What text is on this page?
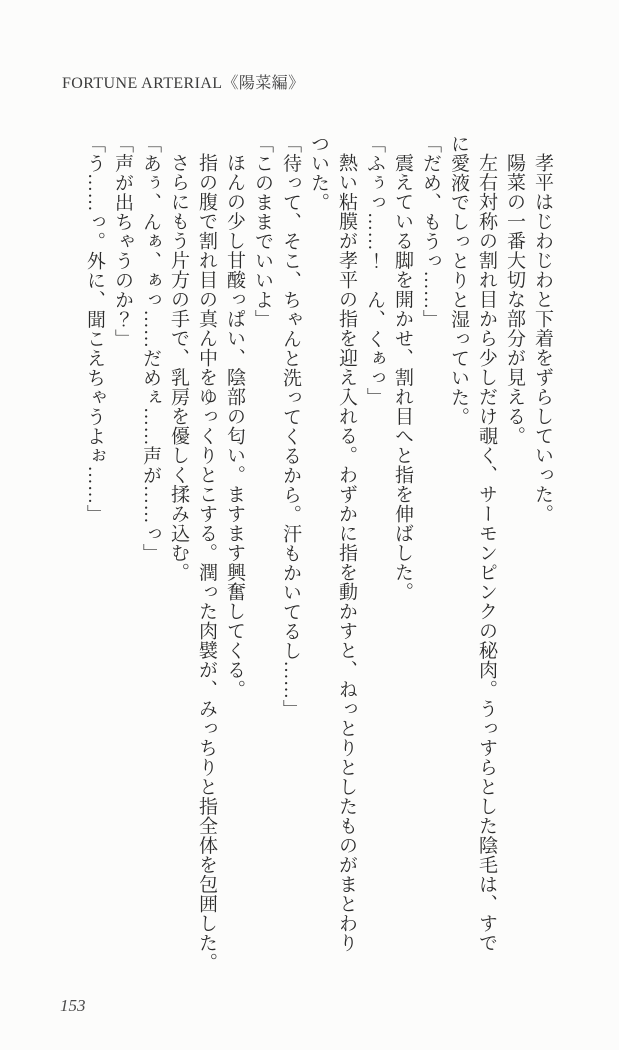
FORTUNE ARTERIAL《陽菜編》

孝平はじわじわと下着をずらしていった。

陽菜の一番大切な部分が見える。

左右対称の割れ目から少しだけ覗く、サーモンピンクの秘肉。うっすらとした陰毛は、すで

に愛液でしっとりと湿っていた。

「だめ、もうっ……」

震えている脚を開かせ、割れ目へと指を伸ばした。

「ふぅっ……！　ん、くぁっ」

熱い粘膜が孝平の指を迎え入れる。わずかに指を動かすと、ねっとりとしたものがまとわり

ついた。

「待って、そこ、ちゃんと洗ってくるから。汗もかいてるし……」

「このままでいいよ」

ほんの少し甘酸っぱい、陰部の匂い。ますます興奮してくる。

指の腹で割れ目の真ん中をゆっくりとこする。潤った肉襞が、みっちりと指全体を包囲した。

さらにもう片方の手で、乳房を優しく揉み込む。

「あぅ、んぁ、ぁっ……だめぇ……声が……っ」

「声が出ちゃうのか？」

「う……っ。外に、聞こえちゃうよぉ……」

153
